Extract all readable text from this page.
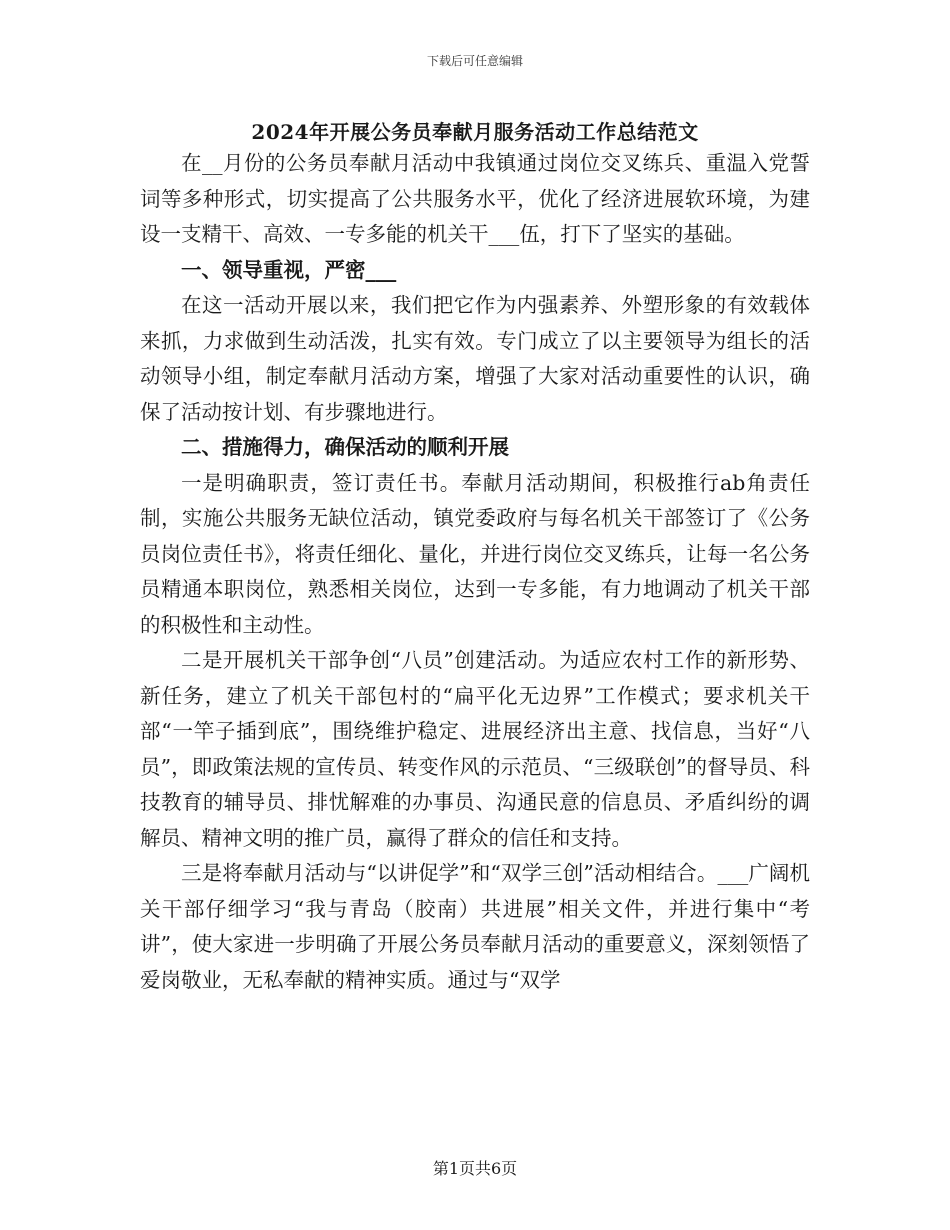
下载后可任意编辑
2024年开展公务员奉献月服务活动工作总结范文

在__月份的公务员奉献月活动中我镇通过岗位交叉练兵、重温入党誓词等多种形式，切实提高了公共服务水平，优化了经济进展软环境，为建设一支精干、高效、一专多能的机关干___伍，打下了坚实的基础。

一、领导重视，严密___

在这一活动开展以来，我们把它作为内强素养、外塑形象的有效载体来抓，力求做到生动活泼，扎实有效。专门成立了以主要领导为组长的活动领导小组，制定奉献月活动方案，增强了大家对活动重要性的认识，确保了活动按计划、有步骤地进行。

二、措施得力，确保活动的顺利开展

一是明确职责，签订责任书。奉献月活动期间，积极推行ab角责任制，实施公共服务无缺位活动，镇党委政府与每名机关干部签订了《公务员岗位责任书》，将责任细化、量化，并进行岗位交叉练兵，让每一名公务员精通本职岗位，熟悉相关岗位，达到一专多能，有力地调动了机关干部的积极性和主动性。

二是开展机关干部争创“八员”创建活动。为适应农村工作的新形势、新任务，建立了机关干部包村的“扁平化无边界”工作模式；要求机关干部“一竿子插到底”，围绕维护稳定、进展经济出主意、找信息，当好“八员”，即政策法规的宣传员、转变作风的示范员、“三级联创”的督导员、科技教育的辅导员、排忧解难的办事员、沟通民意的信息员、矛盾纠纷的调解员、精神文明的推广员，赢得了群众的信任和支持。

三是将奉献月活动与“以讲促学”和“双学三创”活动相结合。___广阔机关干部仔细学习“我与青岛（胶南）共进展”相关文件，并进行集中“考讲”，使大家进一步明确了开展公务员奉献月活动的重要意义，深刻领悟了爱岗敬业，无私奉献的精神实质。通过与“双学

第1页共6页
